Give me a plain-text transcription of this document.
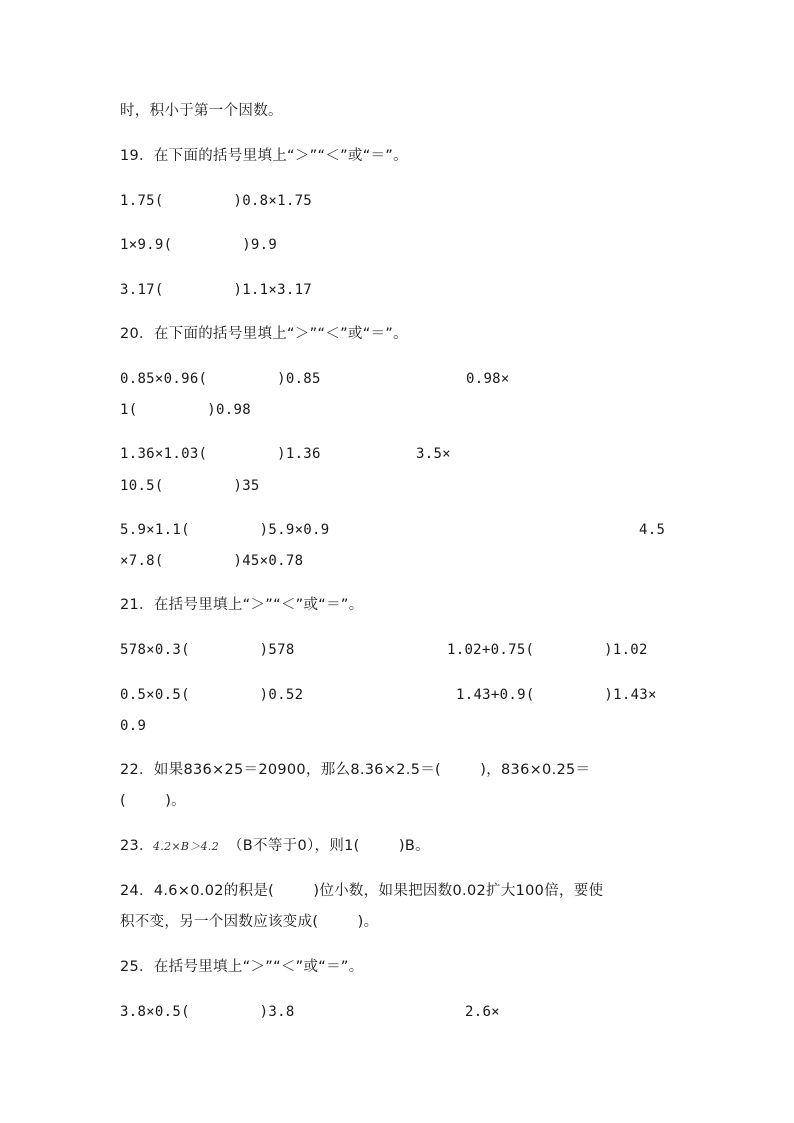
时，积小于第一个因数。

19．在下面的括号里填上“＞”“＜”或“＝”。

1.75(        )0.8×1.75

1×9.9(        )9.9

3.17(        )1.1×3.17

20．在下面的括号里填上“＞”“＜”或“＝”。

0.85×0.96(        )0.85	0.98×

1(        )0.98

1.36×1.03(        )1.36	3.5×

10.5(        )35

5.9×1.1(        )5.9×0.9	4.5

×7.8(        )45×0.78

21．在括号里填上“＞”“＜”或“＝”。

578×0.3(        )578	1.02+0.75(        )1.02

0.5×0.5(        )0.52	1.43+0.9(        )1.43×

0.9

22．如果836×25＝20900，那么8.36×2.5＝(        )，836×0.25＝

(        )。

23． 4.2×B＞4.2 （B不等于0），则1(        )B。

24．4.6×0.02的积是(        )位小数，如果把因数0.02扩大100倍，要使

积不变，另一个因数应该变成(        )。

25．在括号里填上“＞”“＜”或“＝”。

3.8×0.5(        )3.8	2.6×
